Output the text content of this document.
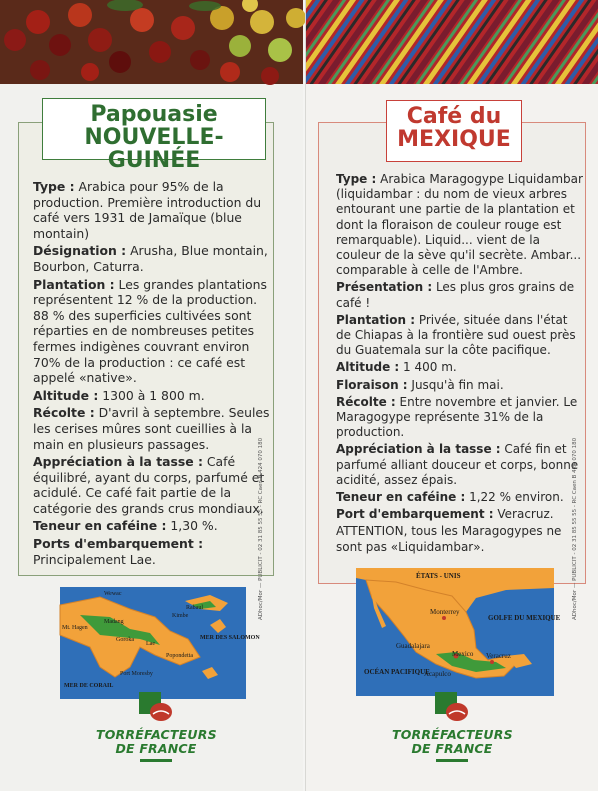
Papouasie
NOUVELLE-GUINÉE

Type : Arabica pour 95% de la production. Première introduction du café vers 1931 de Jamaïque (blue montain)

Désignation : Arusha, Blue montain, Bourbon, Caturra.

Plantation : Les grandes plantations représentent 12 % de la production. 88 % des superficies cultivées sont réparties en de nombreuses petites fermes indigènes couvrant environ 70% de la production : ce café est appelé «native».

Altitude : 1300 à 1 800 m.

Récolte : D'avril à septembre. Seules les cerises mûres sont cueillies à la main en plusieurs passages.

Appréciation à la tasse : Café équilibré, ayant du corps, parfumé et acidulé. Ce café fait partie de la catégorie des grands crus mondiaux.

Teneur en caféine : 1,30 %.

Ports d'embarquement : Principalement Lae.

Wewac
Mt. Hagen
Madang
Rabaul
Kimbe
Lae
Goroka
Popondetta
Port Moresby
MER DES SALOMON
MER DE CORAIL
TORRÉFACTEURS
DE FRANCE
ADhoc/Mor — PUBLICIT - 02 31 85 55 55 - RC Caen B 424 070 180
Café du
MEXIQUE

Type : Arabica Maragogype Liquidambar (liquidambar : du nom de vieux arbres entourant une partie de la plantation et dont la floraison de couleur rouge est remarquable). Liquid... vient de la couleur de la sève qu'il secrète. Ambar... comparable à celle de l'Ambre.

Présentation : Les plus gros grains de café !

Plantation : Privée, située dans l'état de Chiapas à la frontière sud ouest près du Guatemala sur la côte pacifique.

Altitude : 1 400 m.

Floraison : Jusqu'à fin mai.

Récolte : Entre novembre et janvier. Le Maragogype représente 31% de la production.

Appréciation à la tasse : Café fin et parfumé alliant douceur et corps, bonne acidité, assez épais.

Teneur en caféine : 1,22 % environ.

Port d'embarquement : Veracruz.

ATTENTION, tous les Maragogypes ne sont pas «Liquidambar».

ÉTATS - UNIS
GOLFE DU MEXIQUE
Monterrey
Guadalajara
Mexico Veracruz
Acapulco
OCÉAN PACIFIQUE
TORRÉFACTEURS
DE FRANCE
ADhoc/Mor — PUBLICIT - 02 31 85 55 55 - RC Caen B 424 070 180
